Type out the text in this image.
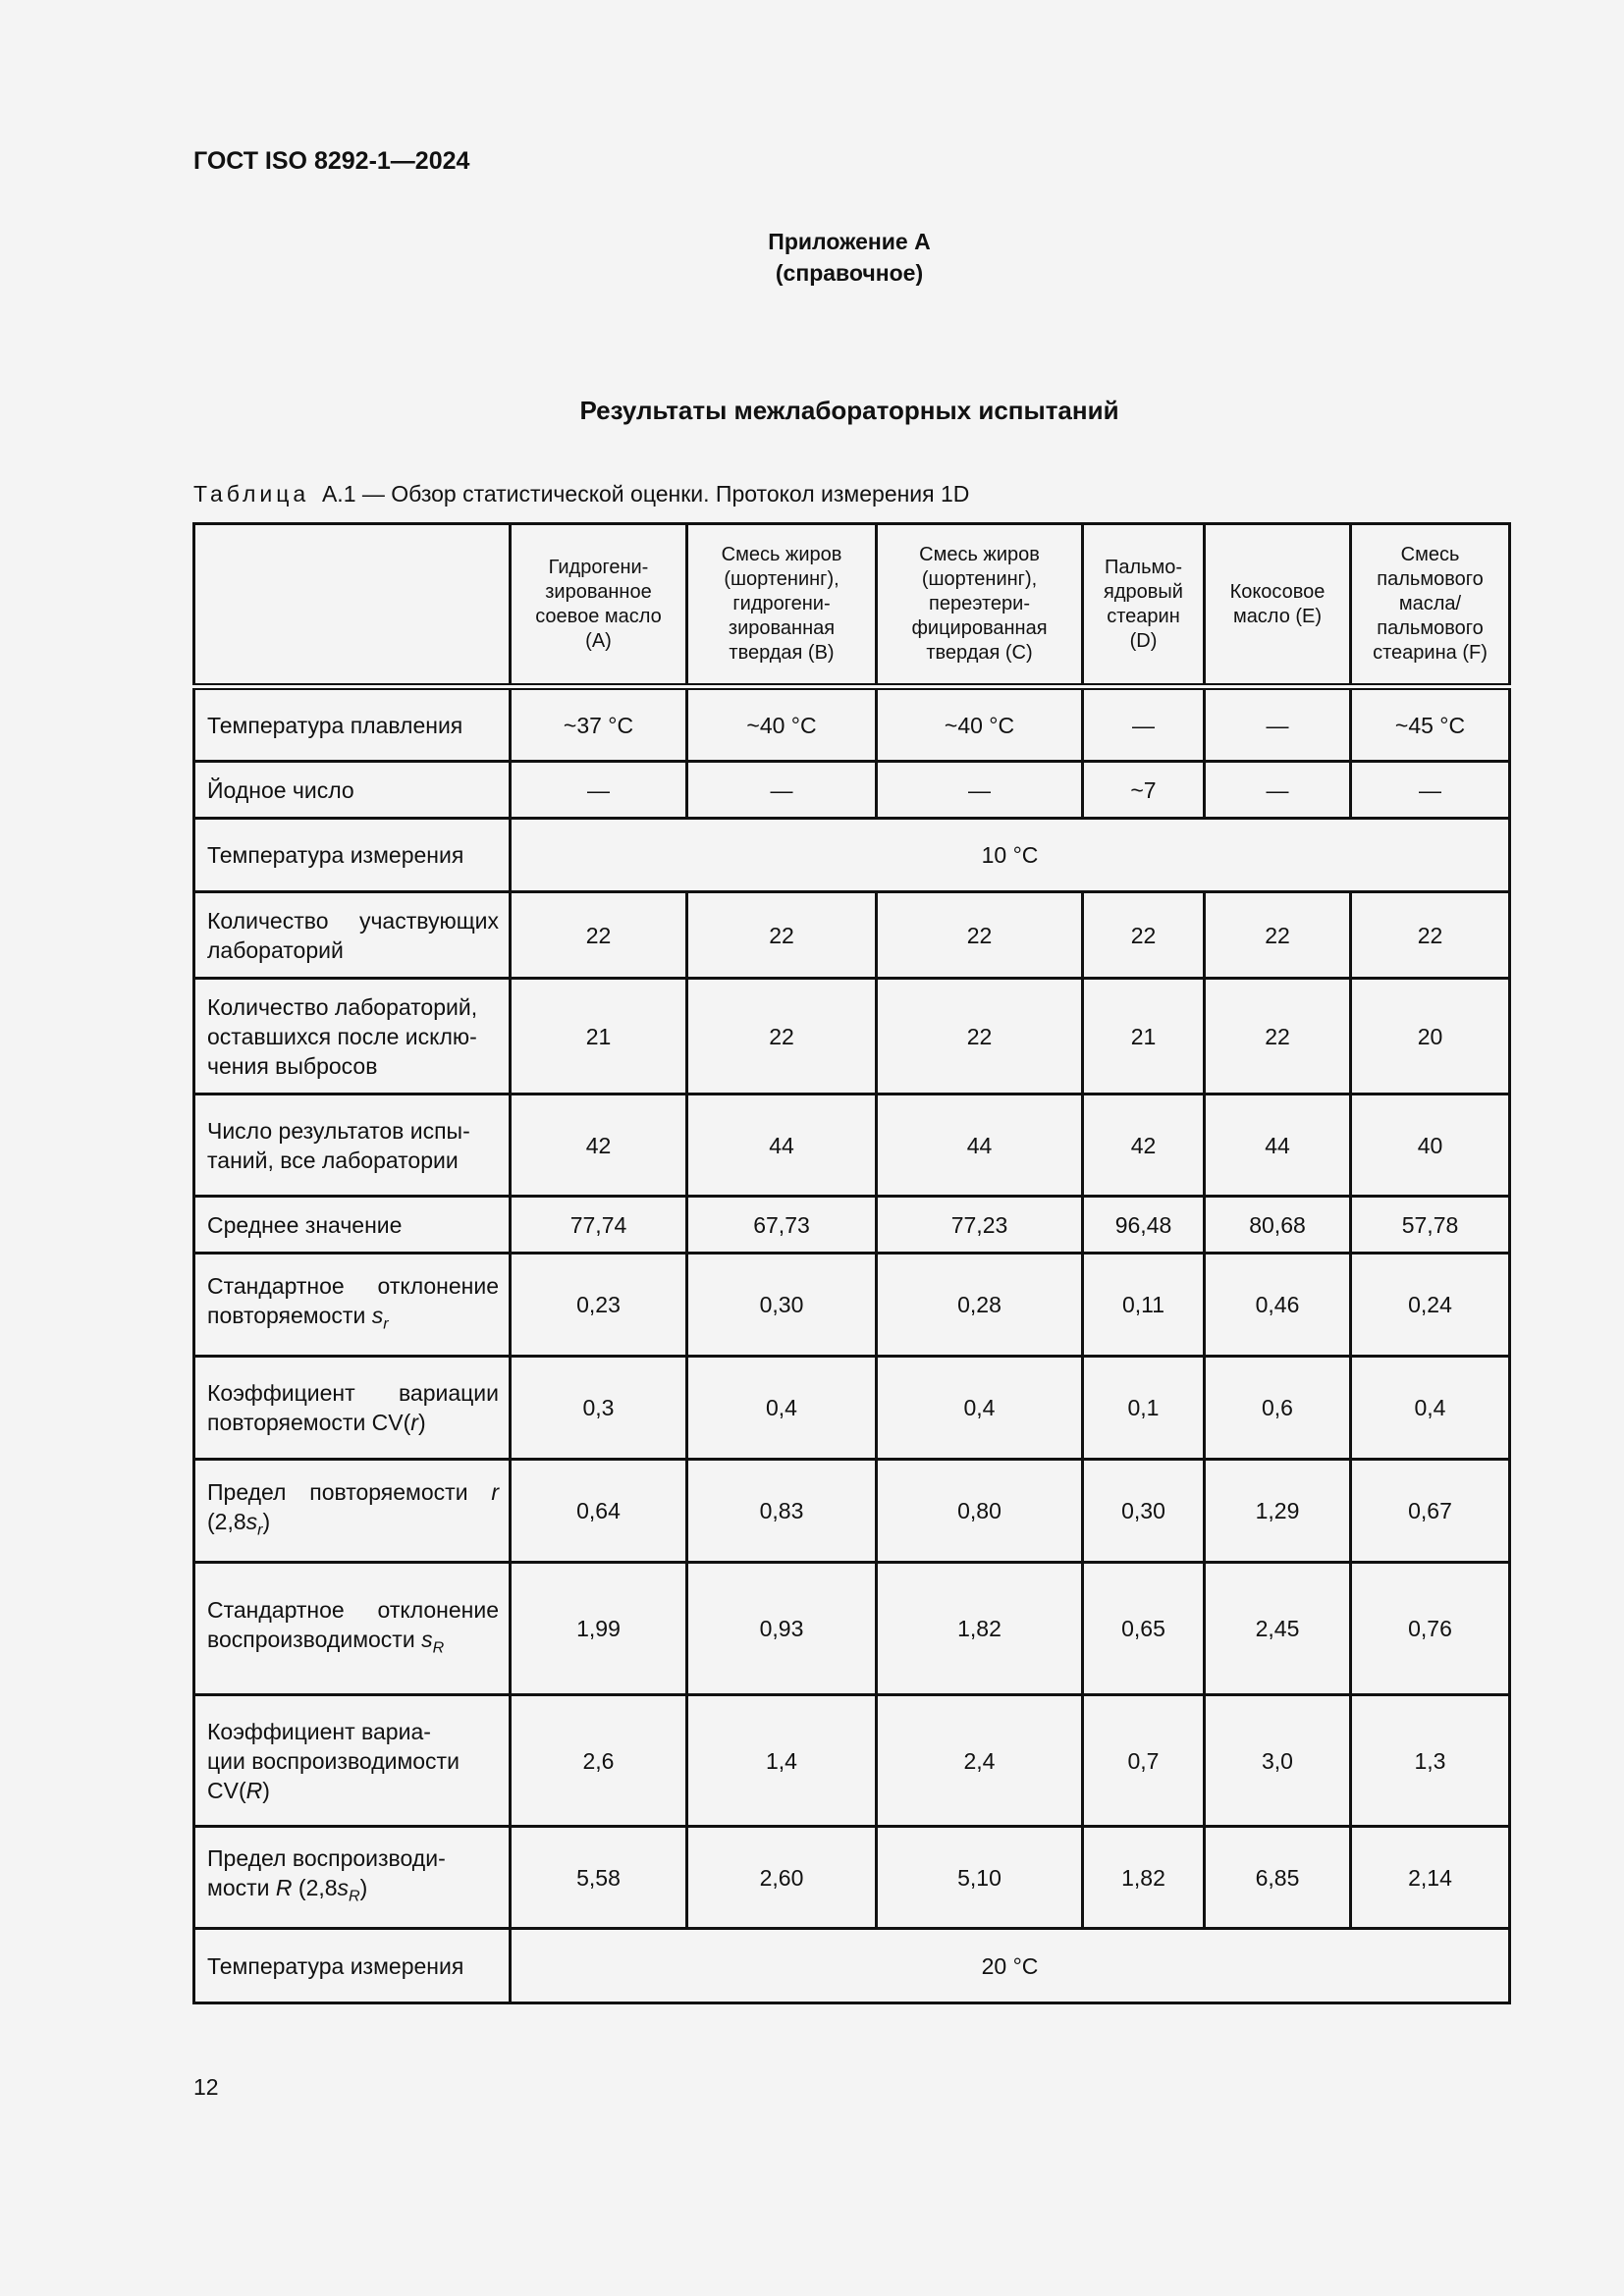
ГОСТ ISO 8292-1—2024
Приложение А
(справочное)
Результаты межлабораторных испытаний
Таблица А.1 — Обзор статистической оценки. Протокол измерения 1D
	Гидрогени-
зированное
соевое масло
(A)	Смесь жиров
(шортенинг),
гидрогени-
зированная
твердая (B)	Смесь жиров
(шортенинг),
переэтери-
фицированная
твердая (C)	Пальмо-
ядровый
стеарин
(D)	Кокосовое
масло (E)	Смесь
пальмового
масла/
пальмового
стеарина (F)
Температура плавления	~37 °C	~40 °C	~40 °C	—	—	~45 °C
Йодное число	—	—	—	~7	—	—
Температура измерения	10 °C					
Количество участвующих лабораторий	22	22	22	22	22	22
Количество лабораторий, оставшихся после исклю-
чения выбросов	21	22	22	21	22	20
Число результатов испы-
таний, все лаборатории	42	44	44	42	44	40
Среднее значение	77,74	67,73	77,23	96,48	80,68	57,78
Стандартное отклонение повторяемости $s_r$	0,23	0,30	0,28	0,11	0,46	0,24
Коэффициент вариации повторяемости CV(r)	0,3	0,4	0,4	0,1	0,6	0,4
Предел повторяемости r $(2,8s_r)$	0,64	0,83	0,80	0,30	1,29	0,67
Стандартное отклонение воспроизводимости $s_R$	1,99	0,93	1,82	0,65	2,45	0,76
Коэффициент вариа-
ции воспроизводимости CV(R)	2,6	1,4	2,4	0,7	3,0	1,3
Предел воспроизводи-
мости R $(2,8s_R)$	5,58	2,60	5,10	1,82	6,85	2,14
Температура измерения	20 °C					
12
